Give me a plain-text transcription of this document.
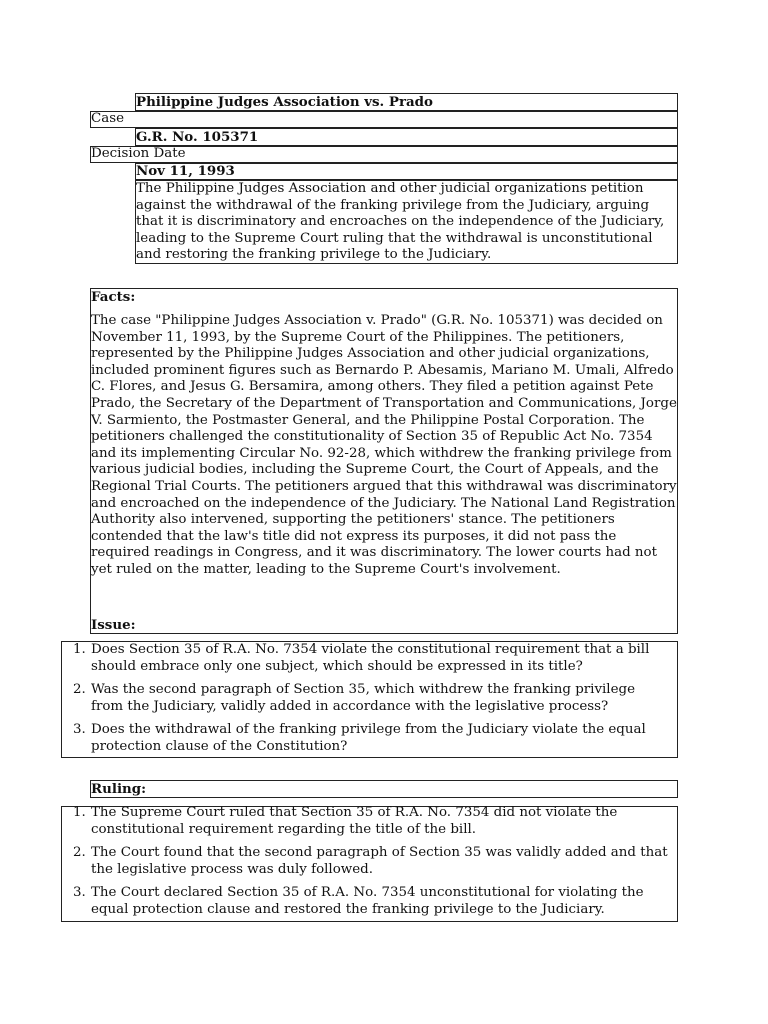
Philippine Judges Association vs. Prado
Case
G.R. No. 105371
Decision Date
Nov 11, 1993
The Philippine Judges Association and other judicial organizations petition against the withdrawal of the franking privilege from the Judiciary, arguing that it is discriminatory and encroaches on the independence of the Judiciary, leading to the Supreme Court ruling that the withdrawal is unconstitutional and restoring the franking privilege to the Judiciary.
Facts:
The case "Philippine Judges Association v. Prado" (G.R. No. 105371) was decided on November 11, 1993, by the Supreme Court of the Philippines. The petitioners, represented by the Philippine Judges Association and other judicial organizations, included prominent figures such as Bernardo P. Abesamis, Mariano M. Umali, Alfredo C. Flores, and Jesus G. Bersamira, among others. They filed a petition against Pete Prado, the Secretary of the Department of Transportation and Communications, Jorge V. Sarmiento, the Postmaster General, and the Philippine Postal Corporation. The petitioners challenged the constitutionality of Section 35 of Republic Act No. 7354 and its implementing Circular No. 92-28, which withdrew the franking privilege from various judicial bodies, including the Supreme Court, the Court of Appeals, and the Regional Trial Courts. The petitioners argued that this withdrawal was discriminatory and encroached on the independence of the Judiciary. The National Land Registration Authority also intervened, supporting the petitioners' stance. The petitioners contended that the law's title did not express its purposes, it did not pass the required readings in Congress, and it was discriminatory. The lower courts had not yet ruled on the matter, leading to the Supreme Court's involvement.
Issue:
1. Does Section 35 of R.A. No. 7354 violate the constitutional requirement that a bill should embrace only one subject, which should be expressed in its title?
2. Was the second paragraph of Section 35, which withdrew the franking privilege from the Judiciary, validly added in accordance with the legislative process?
3. Does the withdrawal of the franking privilege from the Judiciary violate the equal protection clause of the Constitution?
Ruling:
1. The Supreme Court ruled that Section 35 of R.A. No. 7354 did not violate the constitutional requirement regarding the title of the bill.
2. The Court found that the second paragraph of Section 35 was validly added and that the legislative process was duly followed.
3. The Court declared Section 35 of R.A. No. 7354 unconstitutional for violating the equal protection clause and restored the franking privilege to the Judiciary.
